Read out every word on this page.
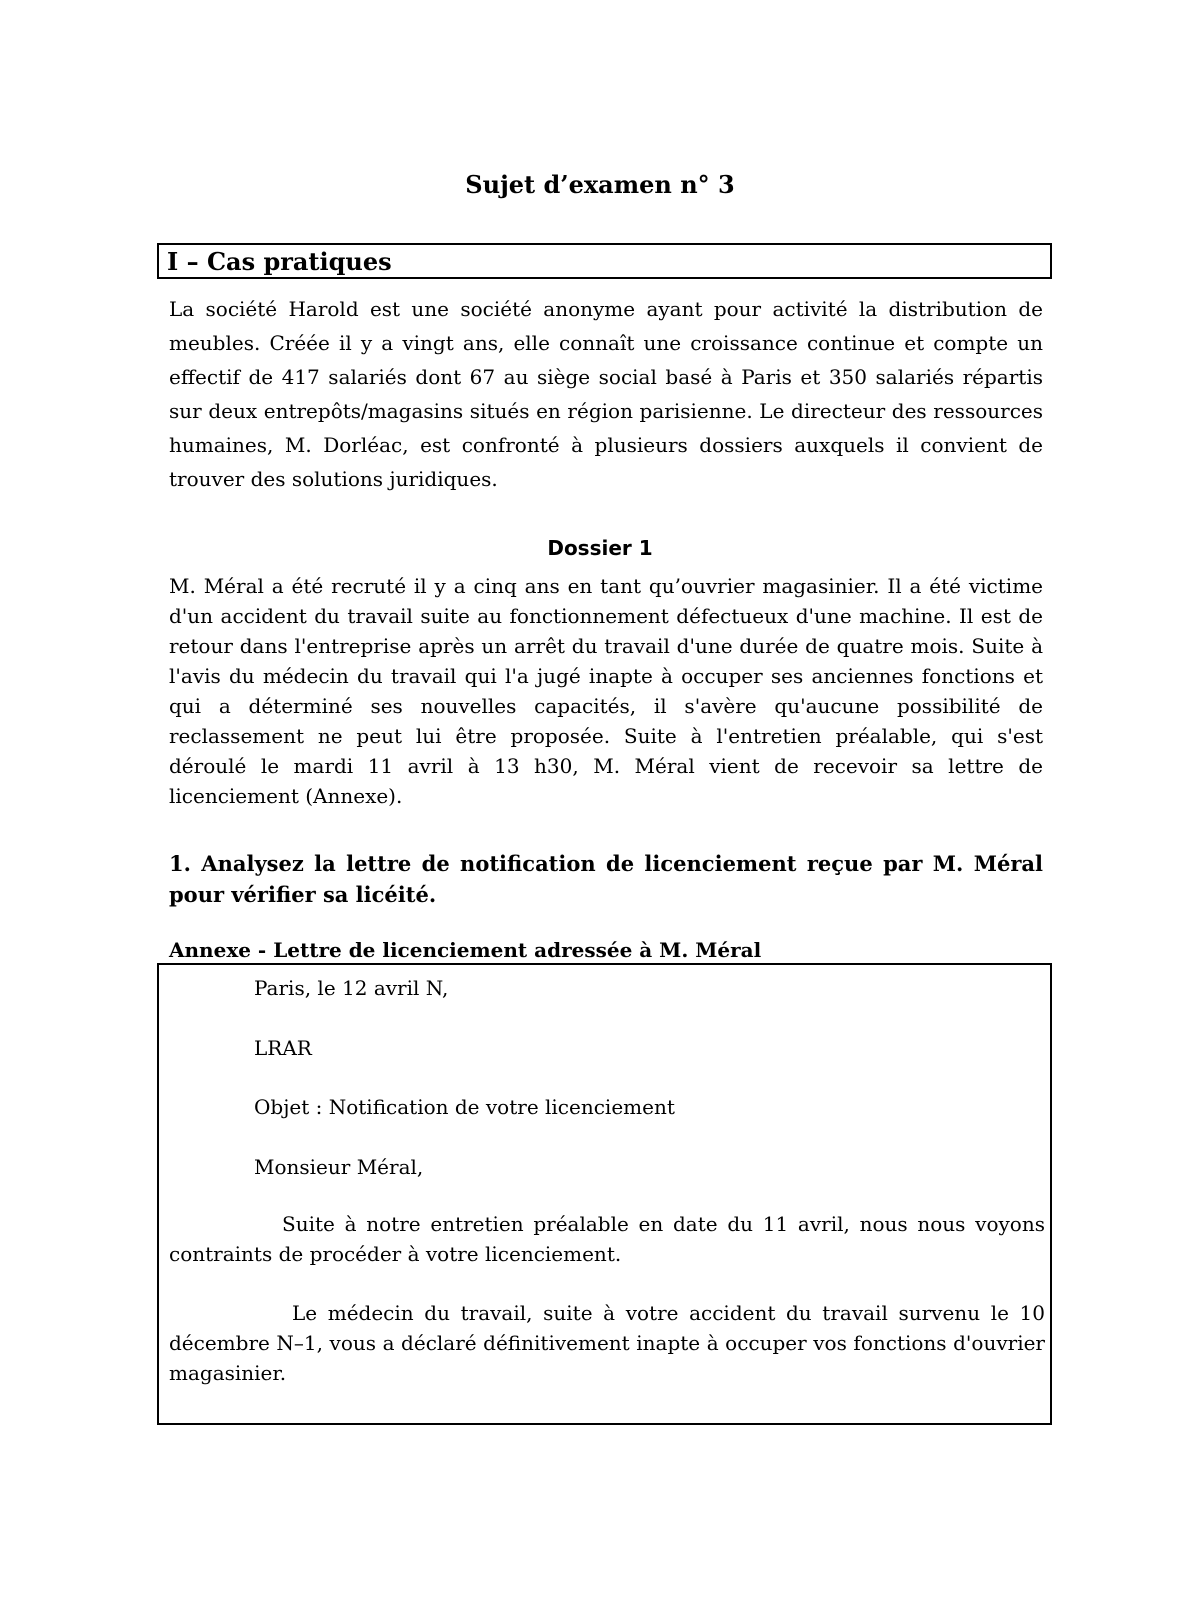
Sujet d’examen n° 3
I – Cas pratiques

La société Harold est une société anonyme ayant pour activité la distribution de meubles. Créée il y a vingt ans, elle connaît une croissance continue et compte un effectif de 417 salariés dont 67 au siège social basé à Paris et 350 salariés répartis sur deux entrepôts/magasins situés en région parisienne. Le directeur des ressources humaines, M. Dorléac, est confronté à plusieurs dossiers auxquels il convient de trouver des solutions juridiques.

Dossier 1

M. Méral a été recruté il y a cinq ans en tant qu’ouvrier magasinier. Il a été victime d'un accident du travail suite au fonctionnement défectueux d'une machine. Il est de retour dans l'entreprise après un arrêt du travail d'une durée de quatre mois. Suite à l'avis du médecin du travail qui l'a jugé inapte à occuper ses anciennes fonctions et qui a déterminé ses nouvelles capacités, il s'avère qu'aucune possibilité de reclassement ne peut lui être proposée. Suite à l'entretien préalable, qui s'est déroulé le mardi 11 avril à 13 h30, M. Méral vient de recevoir sa lettre de licenciement (Annexe).

1. Analysez la lettre de notification de licenciement reçue par M. Méral pour vérifier sa licéité.

Annexe - Lettre de licenciement adressée à M. Méral
Paris, le 12 avril N,
LRAR
Objet : Notification de votre licenciement
Monsieur Méral,

Suite à notre entretien préalable en date du 11 avril, nous nous voyons contraints de procéder à votre licenciement.

Le médecin du travail, suite à votre accident du travail survenu le 10 décembre N–1, vous a déclaré définitivement inapte à occuper vos fonctions d'ouvrier magasinier.
